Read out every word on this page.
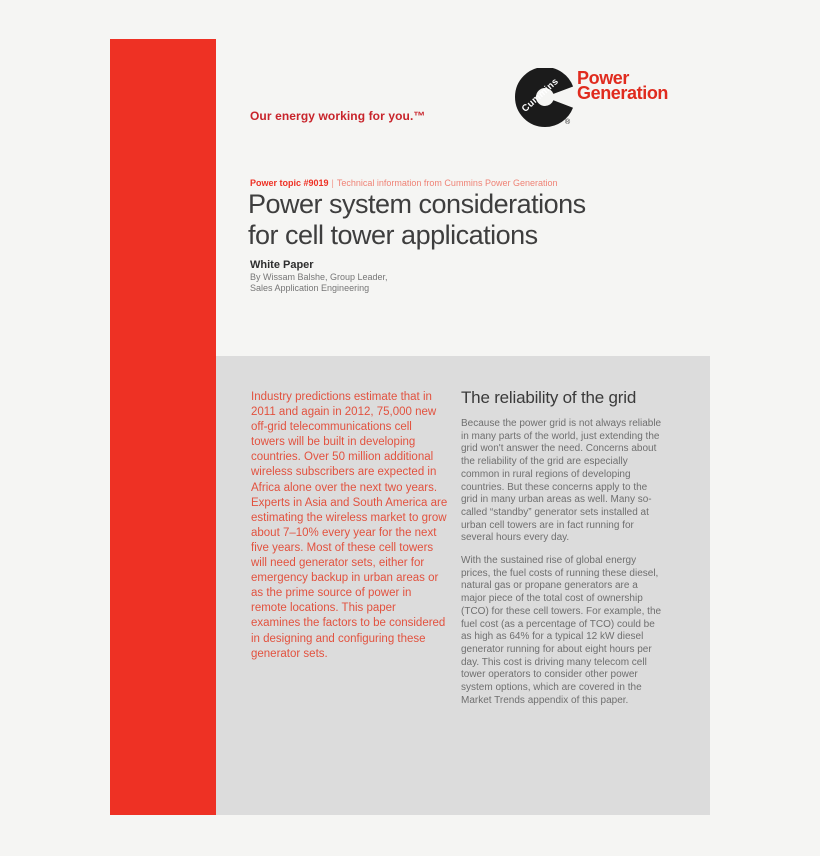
Cummins
®
Power
Generation
Our energy working for you.™
Power topic #9019 | Technical information from Cummins Power Generation
Power system considerations
for cell tower applications
White Paper
By Wissam Balshe, Group Leader,
Sales Application Engineering
Industry predictions estimate that in 2011 and again in 2012, 75,000 new off-grid telecommunications cell towers will be built in developing countries. Over 50 million additional wireless subscribers are expected in Africa alone over the next two years. Experts in Asia and South America are estimating the wireless market to grow about 7–10% every year for the next five years. Most of these cell towers will need generator sets, either for emergency backup in urban areas or as the prime source of power in remote locations. This paper examines the factors to be considered in designing and configuring these generator sets.
The reliability of the grid

Because the power grid is not always reliable in many parts of the world, just extending the grid won't answer the need. Concerns about the reliability of the grid are especially common in rural regions of developing countries. But these concerns apply to the grid in many urban areas as well. Many so-called “standby” generator sets installed at urban cell towers are in fact running for several hours every day.

With the sustained rise of global energy prices, the fuel costs of running these diesel, natural gas or propane generators are a major piece of the total cost of ownership (TCO) for these cell towers. For example, the fuel cost (as a percentage of TCO) could be as high as 64% for a typical 12 kW diesel generator running for about eight hours per day. This cost is driving many telecom cell tower operators to consider other power system options, which are covered in the Market Trends appendix of this paper.
